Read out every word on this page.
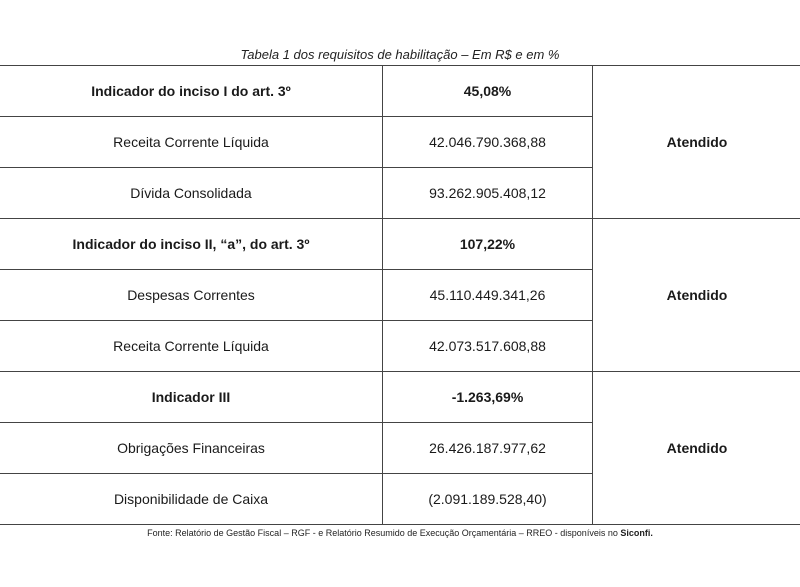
Tabela 1 dos requisitos de habilitação – Em R$ e em %
Indicador do inciso I do art. 3º	45,08%	Atendido
Receita Corrente Líquida	42.046.790.368,88	
Dívida Consolidada	93.262.905.408,12	
Indicador do inciso II, “a”, do art. 3º	107,22%	Atendido
Despesas Correntes	45.110.449.341,26	
Receita Corrente Líquida	42.073.517.608,88	
Indicador III	-1.263,69%	Atendido
Obrigações Financeiras	26.426.187.977,62	
Disponibilidade de Caixa	(2.091.189.528,40)	
Fonte: Relatório de Gestão Fiscal – RGF - e Relatório Resumido de Execução Orçamentária – RREO - disponíveis no Siconfi.
